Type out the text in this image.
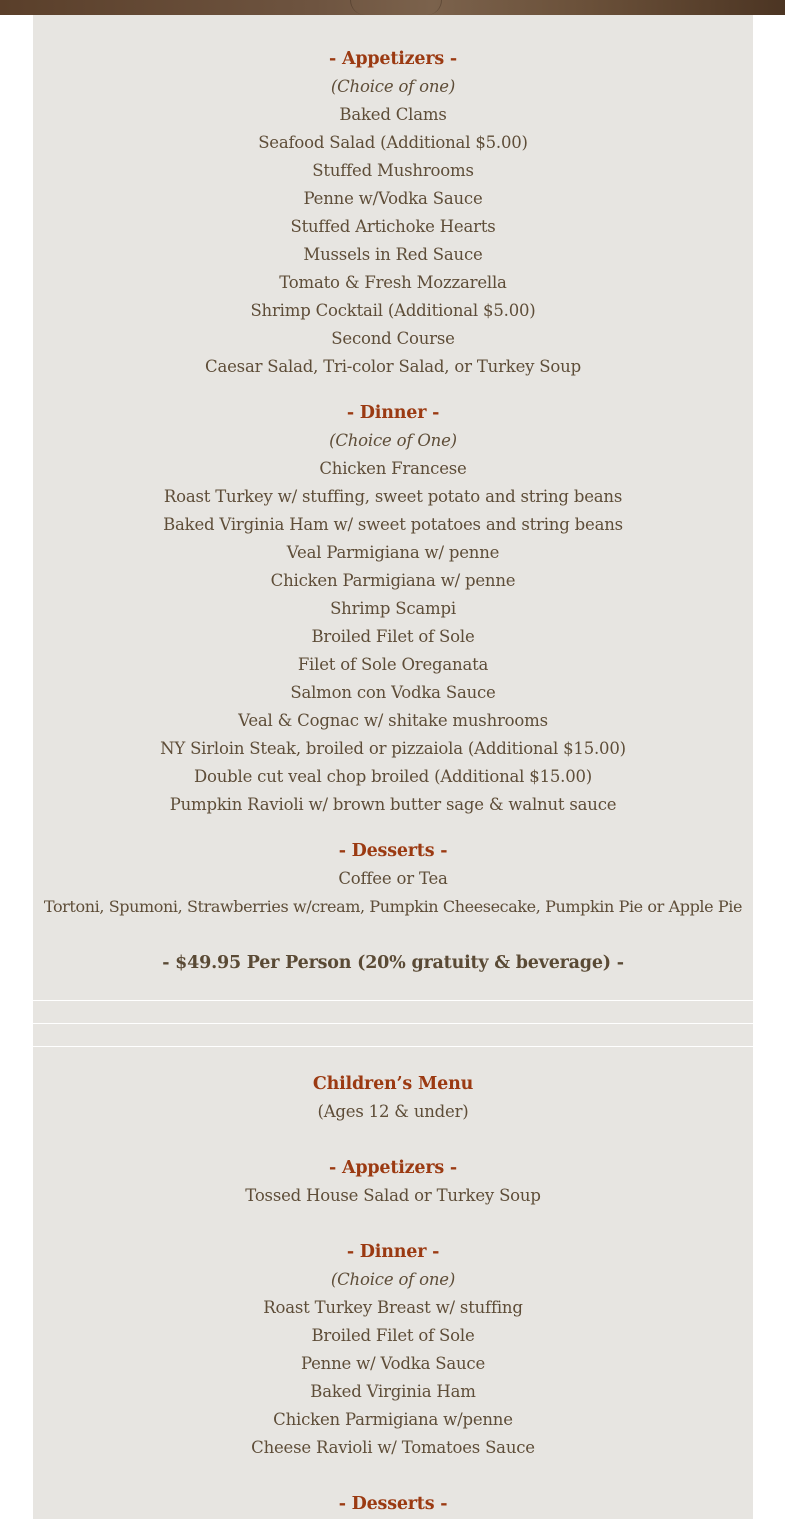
- Appetizers -
(Choice of one)
Baked Clams
Seafood Salad (Additional $5.00)
Stuffed Mushrooms
Penne w/Vodka Sauce
Stuffed Artichoke Hearts
Mussels in Red Sauce
Tomato & Fresh Mozzarella
Shrimp Cocktail (Additional $5.00)
Second Course
Caesar Salad, Tri-color Salad, or Turkey Soup
- Dinner -
(Choice of One)
Chicken Francese
Roast Turkey w/ stuffing, sweet potato and string beans
Baked Virginia Ham w/ sweet potatoes and string beans
Veal Parmigiana w/ penne
Chicken Parmigiana w/ penne
Shrimp Scampi
Broiled Filet of Sole
Filet of Sole Oreganata
Salmon con Vodka Sauce
Veal & Cognac w/ shitake mushrooms
NY Sirloin Steak, broiled or pizzaiola (Additional $15.00)
Double cut veal chop broiled (Additional $15.00)
Pumpkin Ravioli w/ brown butter sage & walnut sauce
- Desserts -
Coffee or Tea
Tortoni, Spumoni, Strawberries w/cream, Pumpkin Cheesecake, Pumpkin Pie or Apple Pie
- $49.95 Per Person (20% gratuity & beverage) -
Children’s Menu
(Ages 12 & under)
- Appetizers -
Tossed House Salad or Turkey Soup
- Dinner -
(Choice of one)
Roast Turkey Breast w/ stuffing
Broiled Filet of Sole
Penne w/ Vodka Sauce
Baked Virginia Ham
Chicken Parmigiana w/penne
Cheese Ravioli w/ Tomatoes Sauce
- Desserts -
